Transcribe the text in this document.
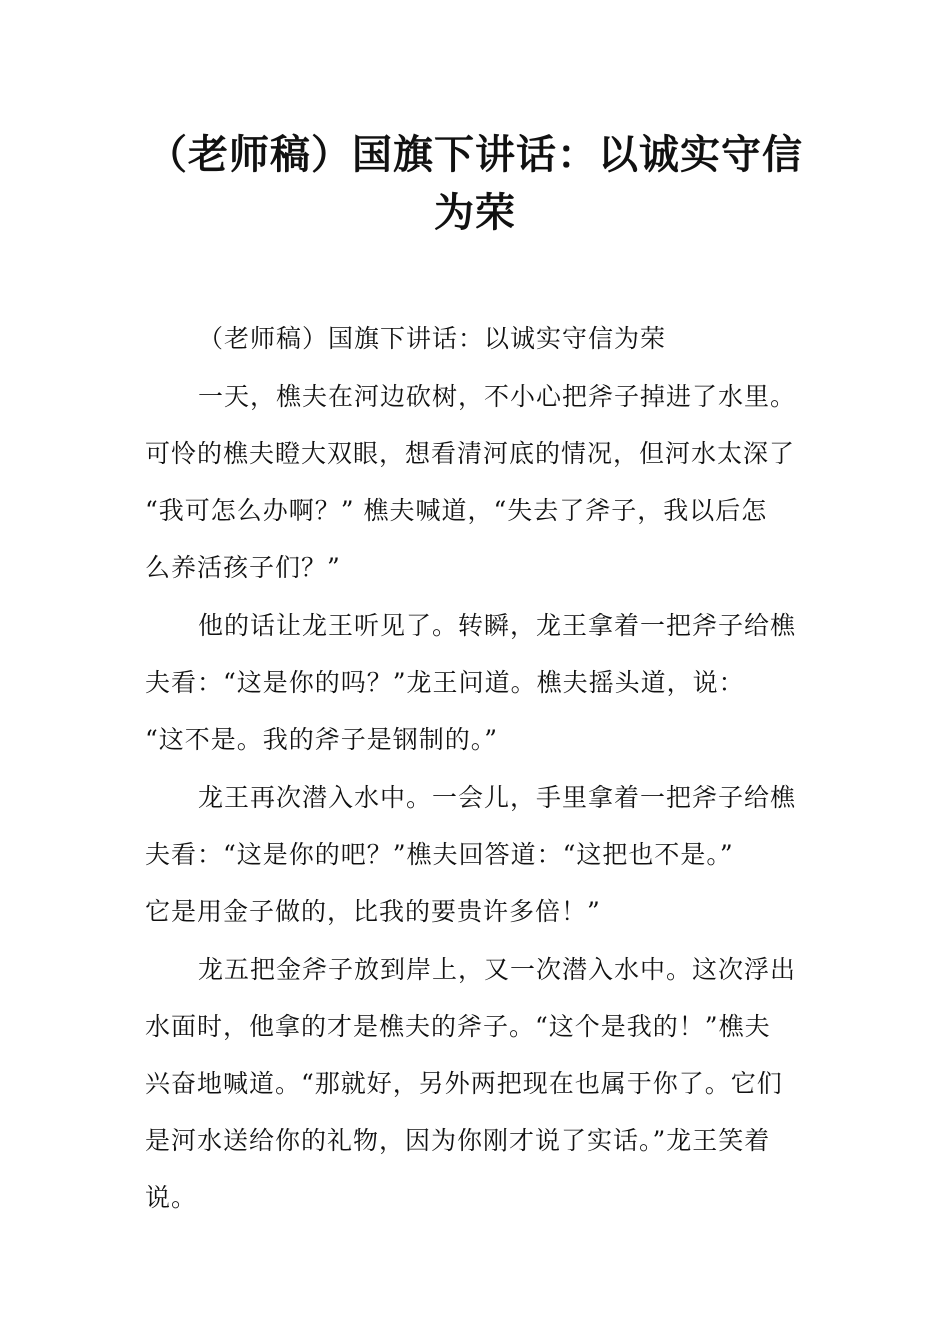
（老师稿）国旗下讲话：以诚实守信为荣
（老师稿）国旗下讲话：以诚实守信为荣
一天，樵夫在河边砍树，不小心把斧子掉进了水里。
可怜的樵夫瞪大双眼，想看清河底的情况，但河水太深了
“我可怎么办啊？” 樵夫喊道，“失去了斧子，我以后怎
么养活孩子们？”
他的话让龙王听见了。转瞬，龙王拿着一把斧子给樵
夫看：“这是你的吗？”龙王问道。樵夫摇头道，说：
“这不是。我的斧子是钢制的。”
龙王再次潜入水中。一会儿，手里拿着一把斧子给樵
夫看：“这是你的吧？”樵夫回答道：“这把也不是。”
它是用金子做的，比我的要贵许多倍！”
龙五把金斧子放到岸上，又一次潜入水中。这次浮出
水面时，他拿的才是樵夫的斧子。“这个是我的！”樵夫
兴奋地喊道。“那就好，另外两把现在也属于你了。它们
是河水送给你的礼物，因为你刚才说了实话。”龙王笑着
说。
